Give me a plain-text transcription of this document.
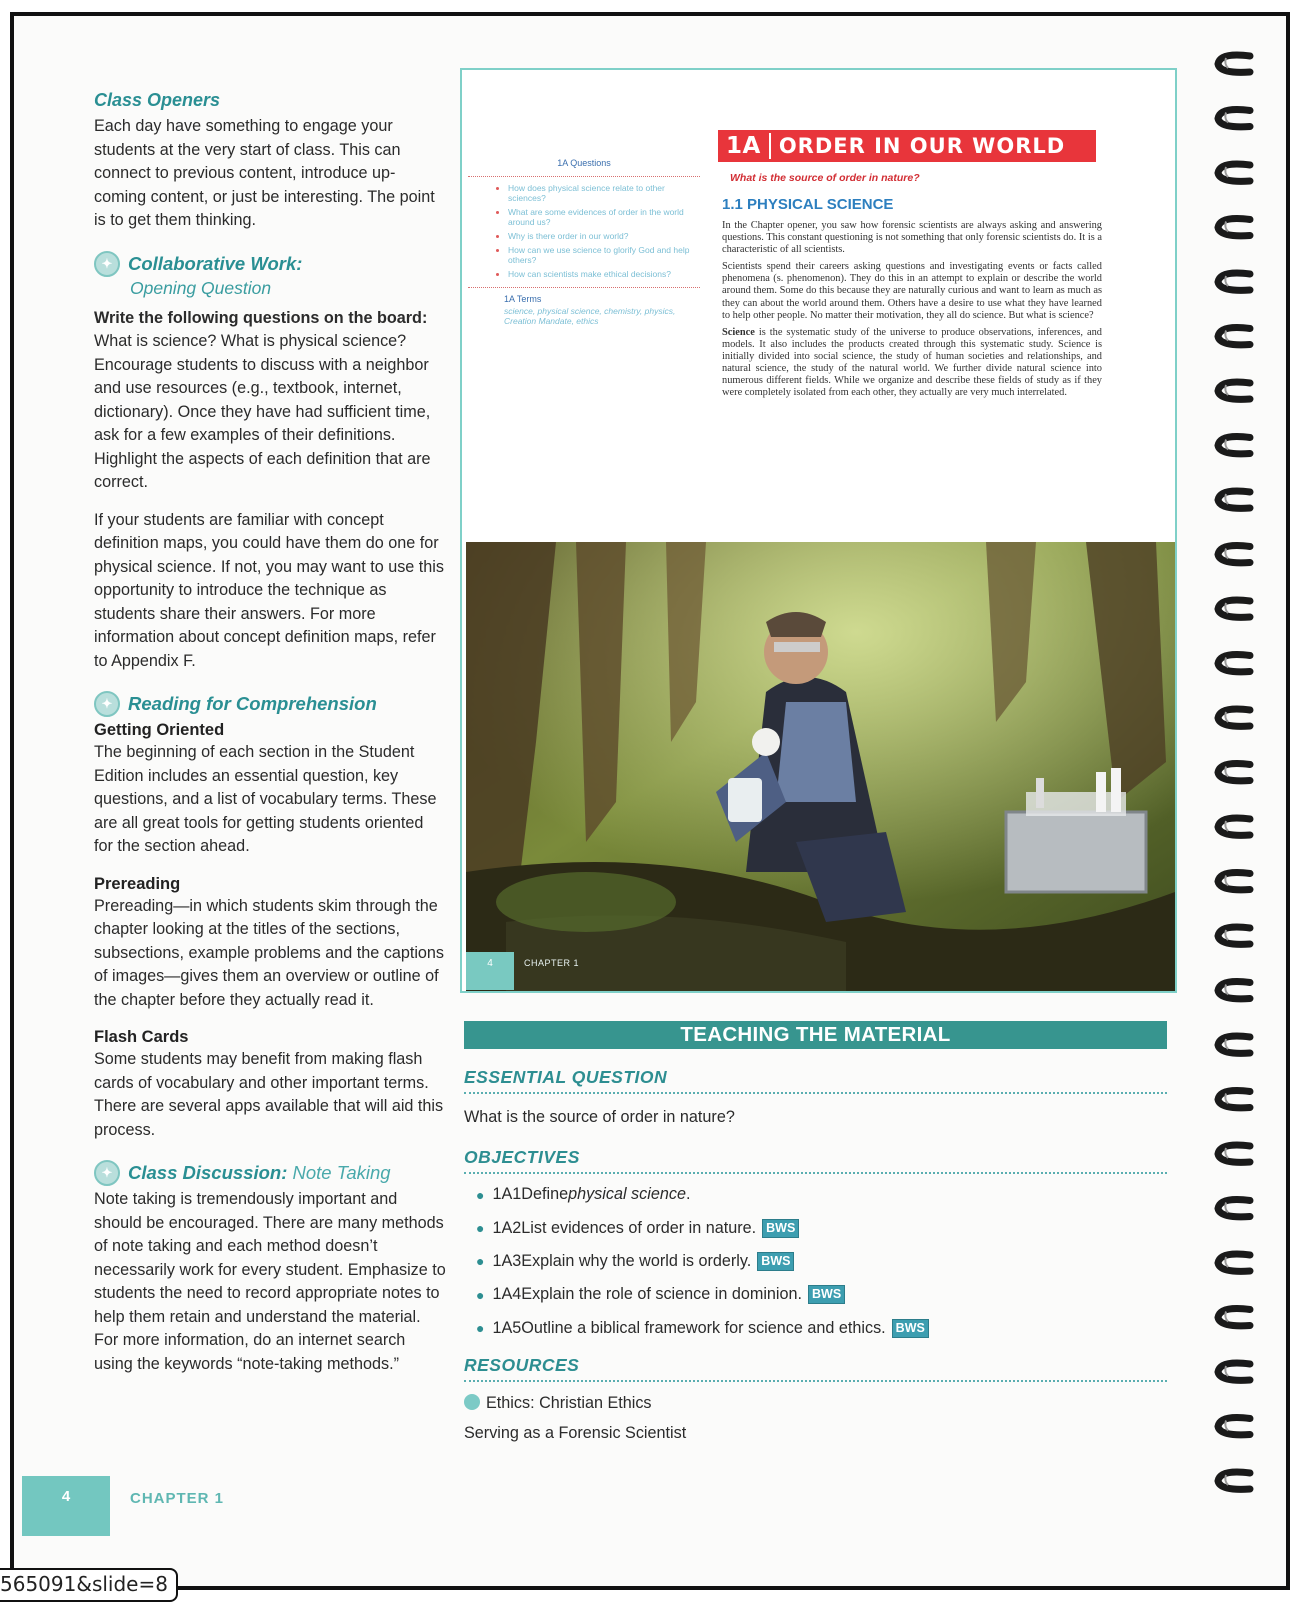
Class Openers

Each day have something to engage your students at the very start of class. This can connect to previous content, introduce up-coming content, or just be interesting. The point is to get them thinking.

✦ Collaborative Work:
Opening Question

Write the following questions on the board: What is science? What is physical science? Encourage students to discuss with a neighbor and use resources (e.g., textbook, internet, dictionary). Once they have had sufficient time, ask for a few examples of their definitions. Highlight the aspects of each definition that are correct.

If your students are familiar with concept definition maps, you could have them do one for physical science. If not, you may want to use this opportunity to introduce the technique as students share their answers. For more information about concept definition maps, refer to Appendix F.

✦ Reading for Comprehension
Getting Oriented

The beginning of each section in the Student Edition includes an essential question, key questions, and a list of vocabulary terms. These are all great tools for getting students oriented for the section ahead.

Prereading

Prereading—in which students skim through the chapter looking at the titles of the sections, subsections, example problems and the captions of images—gives them an overview or outline of the chapter before they actually read it.

Flash Cards

Some students may benefit from making flash cards of vocabulary and other important terms. There are several apps available that will aid this process.

✦ Class Discussion: Note Taking

Note taking is tremendously important and should be encouraged. There are many methods of note taking and each method doesn’t necessarily work for every student. Emphasize to students the need to record appropriate notes to help them retain and understand the material. For more information, do an internet search using the keywords “note-taking methods.”

4	CHAPTER 1
1A Questions
• How does physical science relate to other sciences?
• What are some evidences of order in the world around us?
• Why is there order in our world?
• How can we use science to glorify God and help others?
• How can scientists make ethical decisions?
1A Terms
science, physical science, chemistry, physics, Creation Mandate, ethics
1A ORDER IN OUR WORLD
What is the source of order in nature?
1.1 PHYSICAL SCIENCE

In the Chapter opener, you saw how forensic scientists are always asking and answering questions. This constant questioning is not something that only forensic scientists do. It is a characteristic of all scientists.

Scientists spend their careers asking questions and investigating events or facts called phenomena (s. phenomenon). They do this in an attempt to explain or describe the world around them. Some do this because they are naturally curious and want to learn as much as they can about the world around them. Others have a desire to use what they have learned to help other people. No matter their motivation, they all do science. But what is science?

Science is the systematic study of the universe to produce observations, inferences, and models. It also includes the products created through this systematic study. Science is initially divided into social science, the study of human societies and relationships, and natural science, the study of the natural world. We further divide natural science into numerous different fields. While we organize and describe these fields of study as if they were completely isolated from each other, they actually are very much interrelated.

4	CHAPTER 1
TEACHING THE MATERIAL
ESSENTIAL QUESTION
What is the source of order in nature?
OBJECTIVES
● 1A1 Define physical science .
● 1A2 List evidences of order in nature. BWS
● 1A3 Explain why the world is orderly. BWS
● 1A4 Explain the role of science in dominion. BWS
● 1A5 Outline a biblical framework for science and ethics. BWS
RESOURCES
Ethics: Christian Ethics
Serving as a Forensic Scientist
565091&slide=8
